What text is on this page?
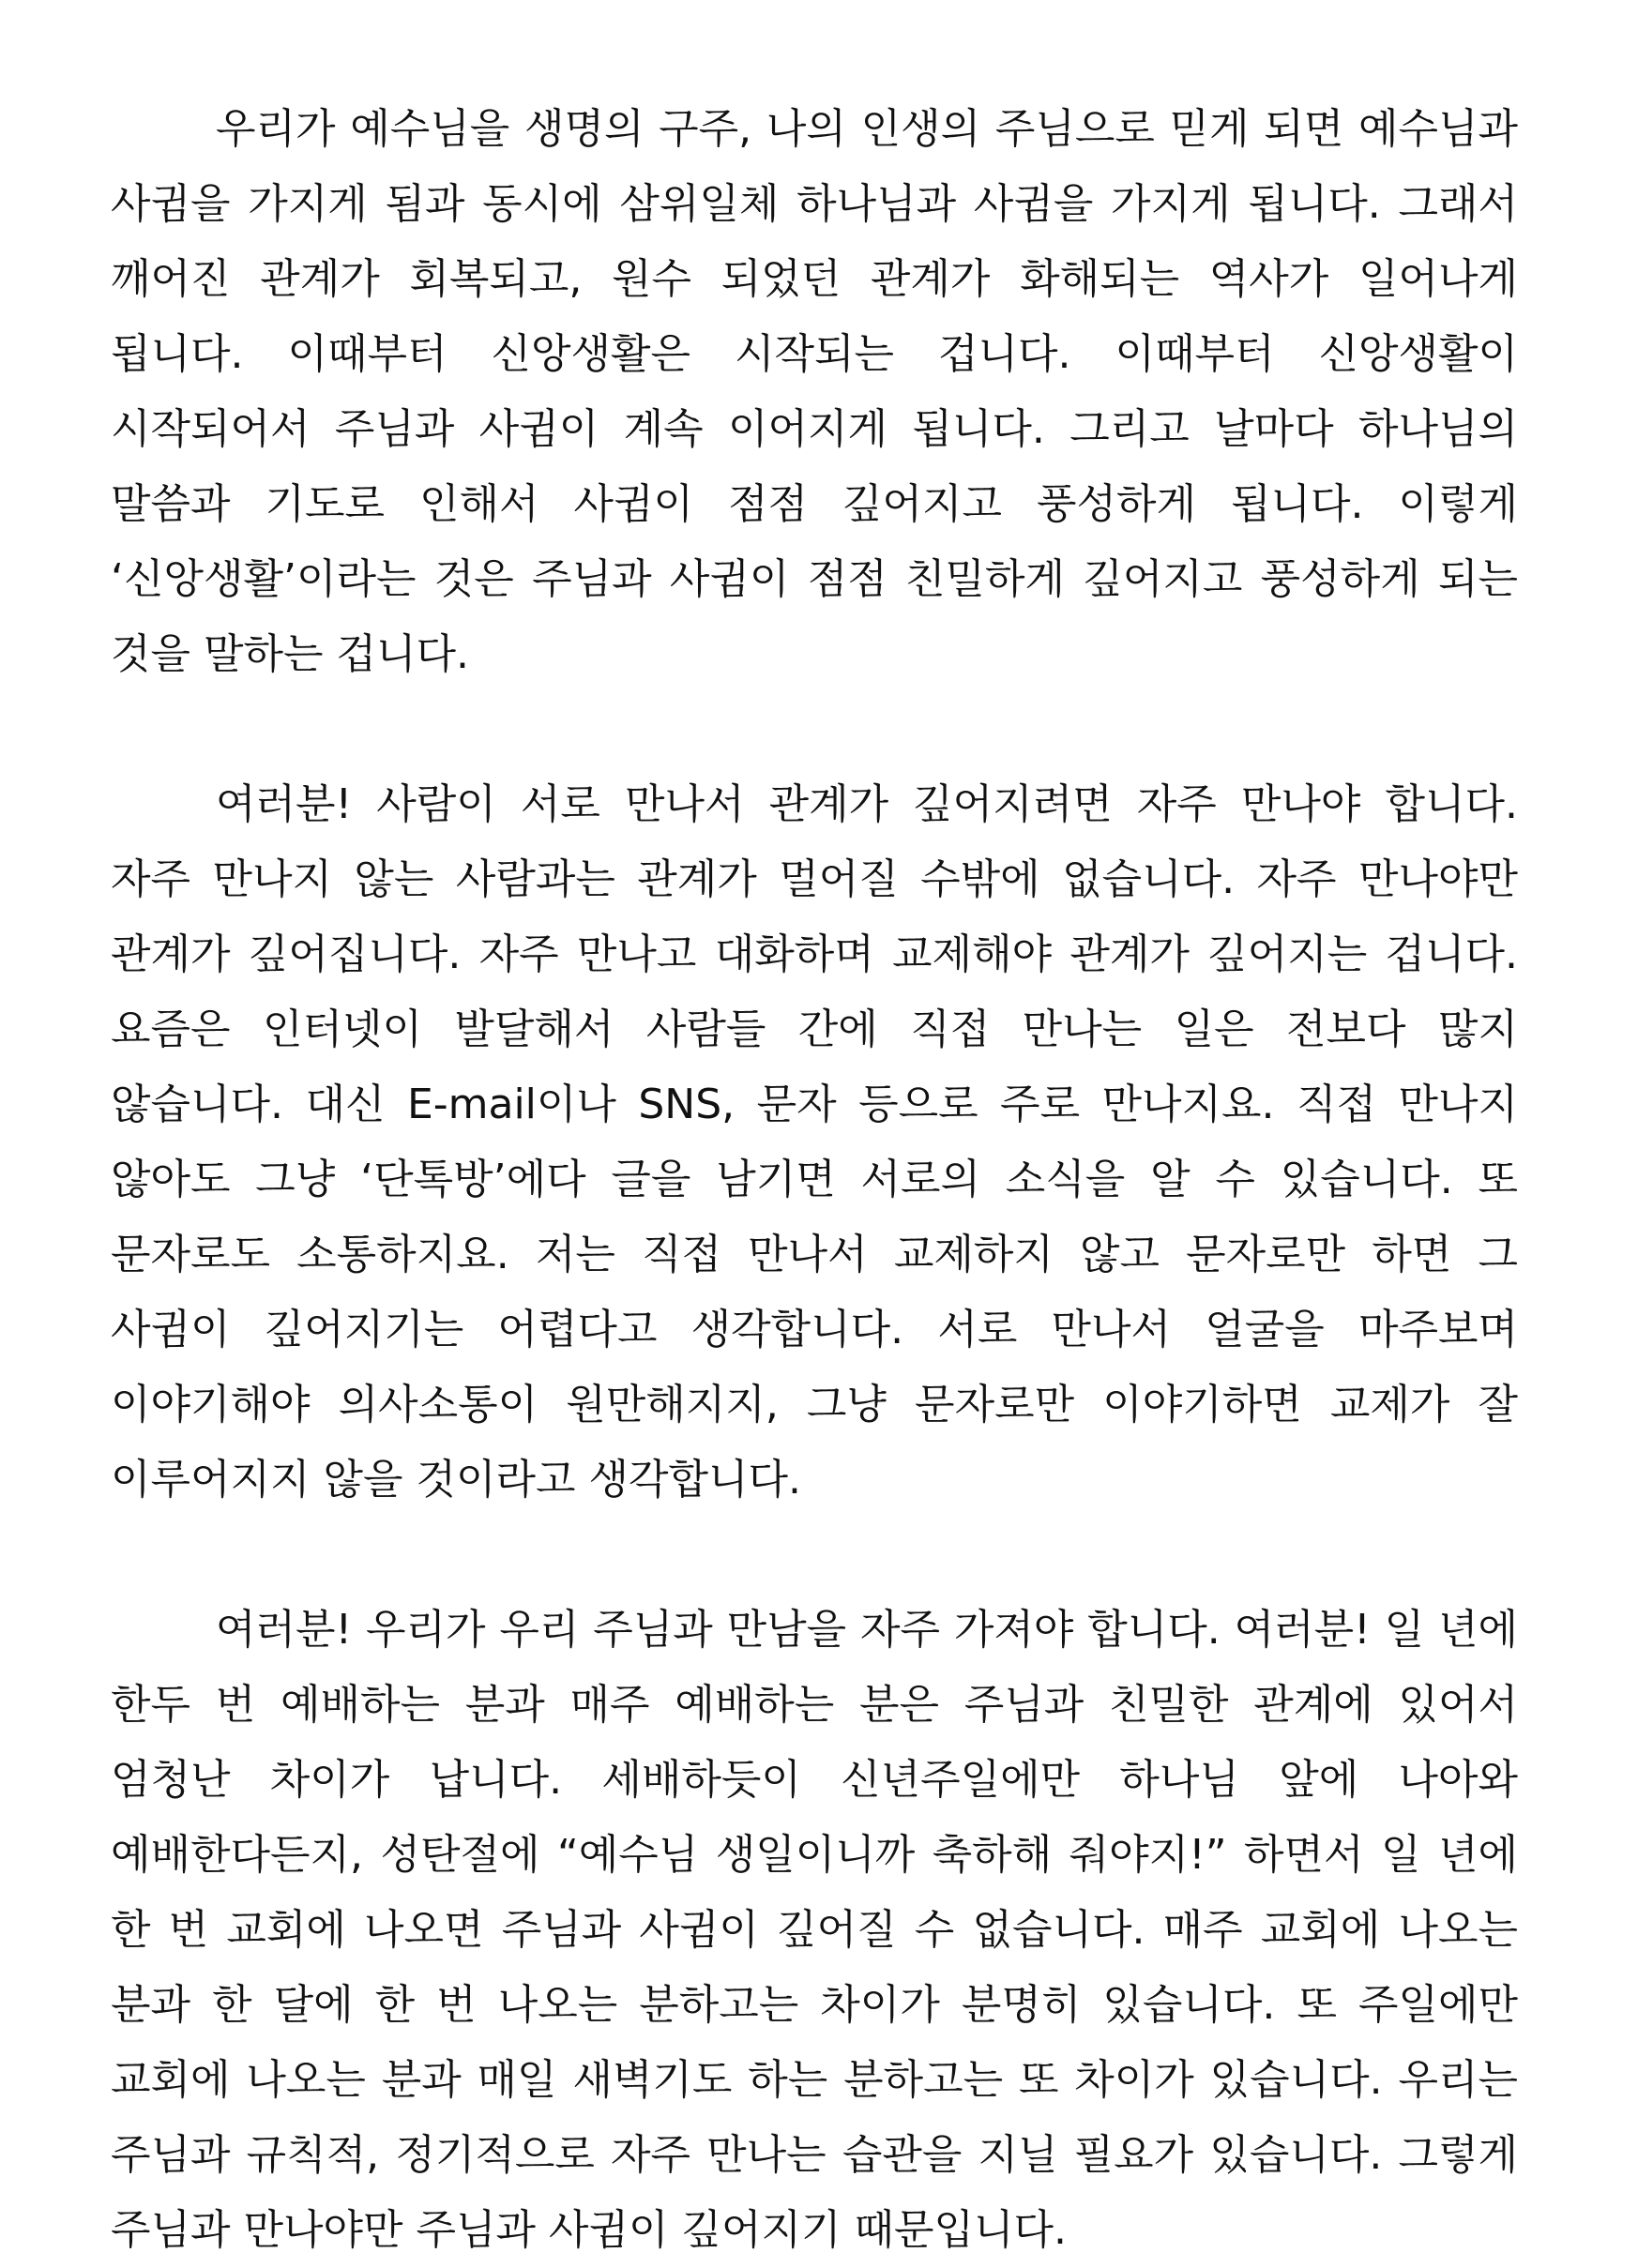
우리가 예수님을 생명의 구주, 나의 인생의 주님으로 믿게 되면 예수님과 사귐을 가지게 됨과 동시에 삼위일체 하나님과 사귐을 가지게 됩니다. 그래서 깨어진 관계가 회복되고, 원수 되었던 관계가 화해되는 역사가 일어나게 됩니다. 이때부터 신앙생활은 시작되는 겁니다. 이때부터 신앙생활이 시작되어서 주님과 사귐이 계속 이어지게 됩니다. 그리고 날마다 하나님의 말씀과 기도로 인해서 사귐이 점점 깊어지고 풍성하게 됩니다. 이렇게 ‘신앙생활’이라는 것은 주님과 사귐이 점점 친밀하게 깊어지고 풍성하게 되는 것을 말하는 겁니다.

여러분! 사람이 서로 만나서 관계가 깊어지려면 자주 만나야 합니다. 자주 만나지 않는 사람과는 관계가 멀어질 수밖에 없습니다. 자주 만나야만 관계가 깊어집니다. 자주 만나고 대화하며 교제해야 관계가 깊어지는 겁니다. 요즘은 인터넷이 발달해서 사람들 간에 직접 만나는 일은 전보다 많지 않습니다. 대신 E-mail이나 SNS, 문자 등으로 주로 만나지요. 직접 만나지 않아도 그냥 ‘단톡방’에다 글을 남기면 서로의 소식을 알 수 있습니다. 또 문자로도 소통하지요. 저는 직접 만나서 교제하지 않고 문자로만 하면 그 사귐이 깊어지기는 어렵다고 생각합니다. 서로 만나서 얼굴을 마주보며 이야기해야 의사소통이 원만해지지, 그냥 문자로만 이야기하면 교제가 잘 이루어지지 않을 것이라고 생각합니다.

여러분! 우리가 우리 주님과 만남을 자주 가져야 합니다. 여러분! 일 년에 한두 번 예배하는 분과 매주 예배하는 분은 주님과 친밀한 관계에 있어서 엄청난 차이가 납니다. 세배하듯이 신년주일에만 하나님 앞에 나아와 예배한다든지, 성탄절에 “예수님 생일이니까 축하해 줘야지!” 하면서 일 년에 한 번 교회에 나오면 주님과 사귐이 깊어질 수 없습니다. 매주 교회에 나오는 분과 한 달에 한 번 나오는 분하고는 차이가 분명히 있습니다. 또 주일에만 교회에 나오는 분과 매일 새벽기도 하는 분하고는 또 차이가 있습니다. 우리는 주님과 규칙적, 정기적으로 자주 만나는 습관을 지닐 필요가 있습니다. 그렇게 주님과 만나야만 주님과 사귐이 깊어지기 때문입니다.
